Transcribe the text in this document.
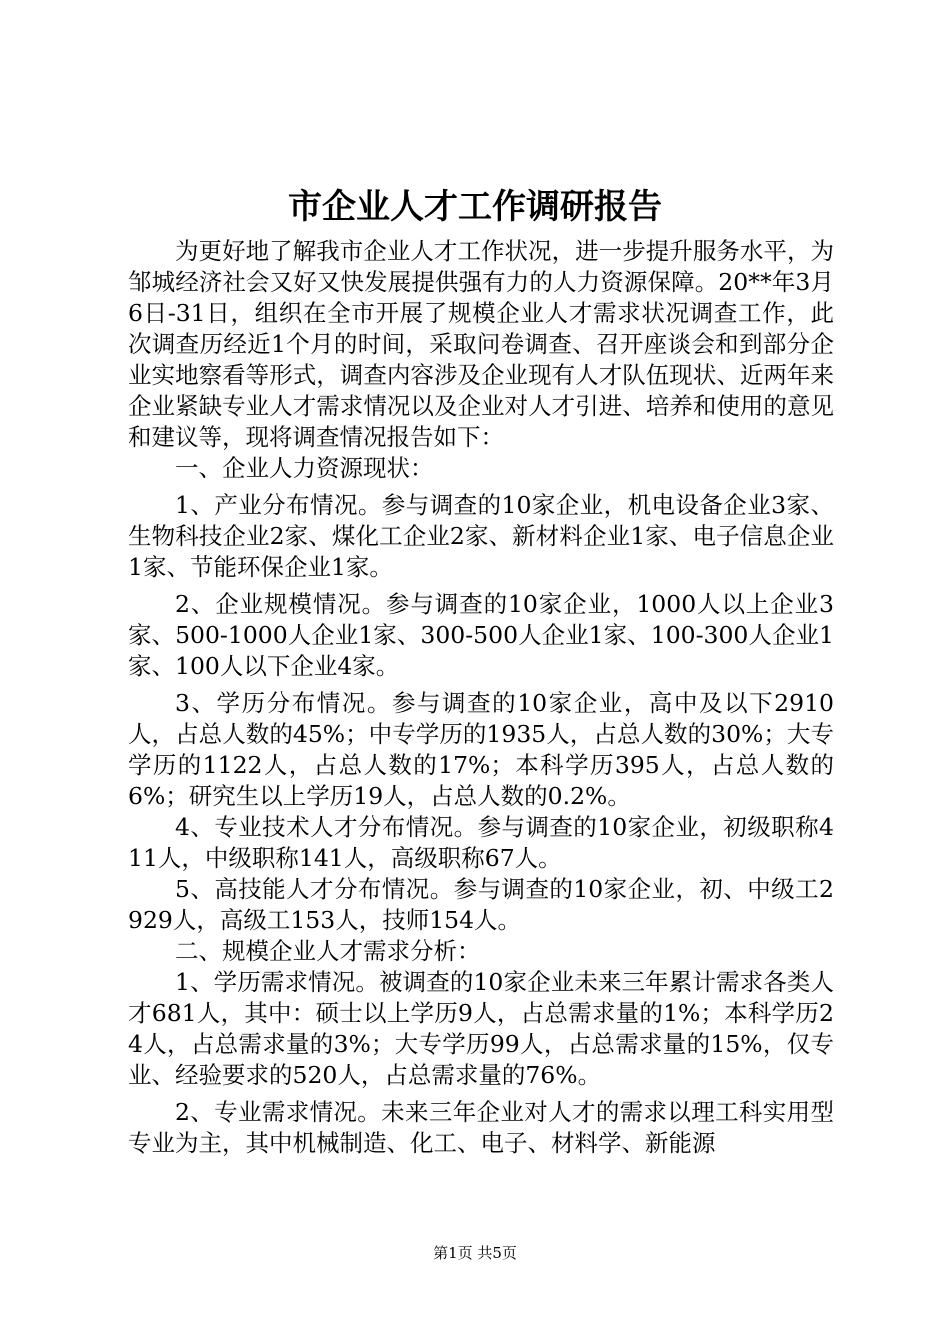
市企业人才工作调研报告

为更好地了解我市企业人才工作状况，进一步提升服务水平，为邹城经济社会又好又快发展提供强有力的人力资源保障。20**年3月6日-31日，组织在全市开展了规模企业人才需求状况调查工作，此次调查历经近1个月的时间，采取问卷调查、召开座谈会和到部分企业实地察看等形式，调查内容涉及企业现有人才队伍现状、近两年来企业紧缺专业人才需求情况以及企业对人才引进、培养和使用的意见和建议等，现将调查情况报告如下：

一、企业人力资源现状：

1、产业分布情况。参与调查的10家企业，机电设备企业3家、生物科技企业2家、煤化工企业2家、新材料企业1家、电子信息企业1家、节能环保企业1家。

2、企业规模情况。参与调查的10家企业，1000人以上企业3家、500-1000人企业1家、300-500人企业1家、100-300人企业1家、100人以下企业4家。

3、学历分布情况。参与调查的10家企业，高中及以下2910人，占总人数的45%；中专学历的1935人，占总人数的30%；大专学历的1122人，占总人数的17%；本科学历395人，占总人数的6%；研究生以上学历19人，占总人数的0.2%。

4、专业技术人才分布情况。参与调查的10家企业，初级职称411人，中级职称141人，高级职称67人。

5、高技能人才分布情况。参与调查的10家企业，初、中级工2929人，高级工153人，技师154人。

二、规模企业人才需求分析：

1、学历需求情况。被调查的10家企业未来三年累计需求各类人才681人，其中：硕士以上学历9人，占总需求量的1%；本科学历24人，占总需求量的3%；大专学历99人，占总需求量的15%，仅专业、经验要求的520人，占总需求量的76%。

2、专业需求情况。未来三年企业对人才的需求以理工科实用型专业为主，其中机械制造、化工、电子、材料学、新能源

第1页 共5页
